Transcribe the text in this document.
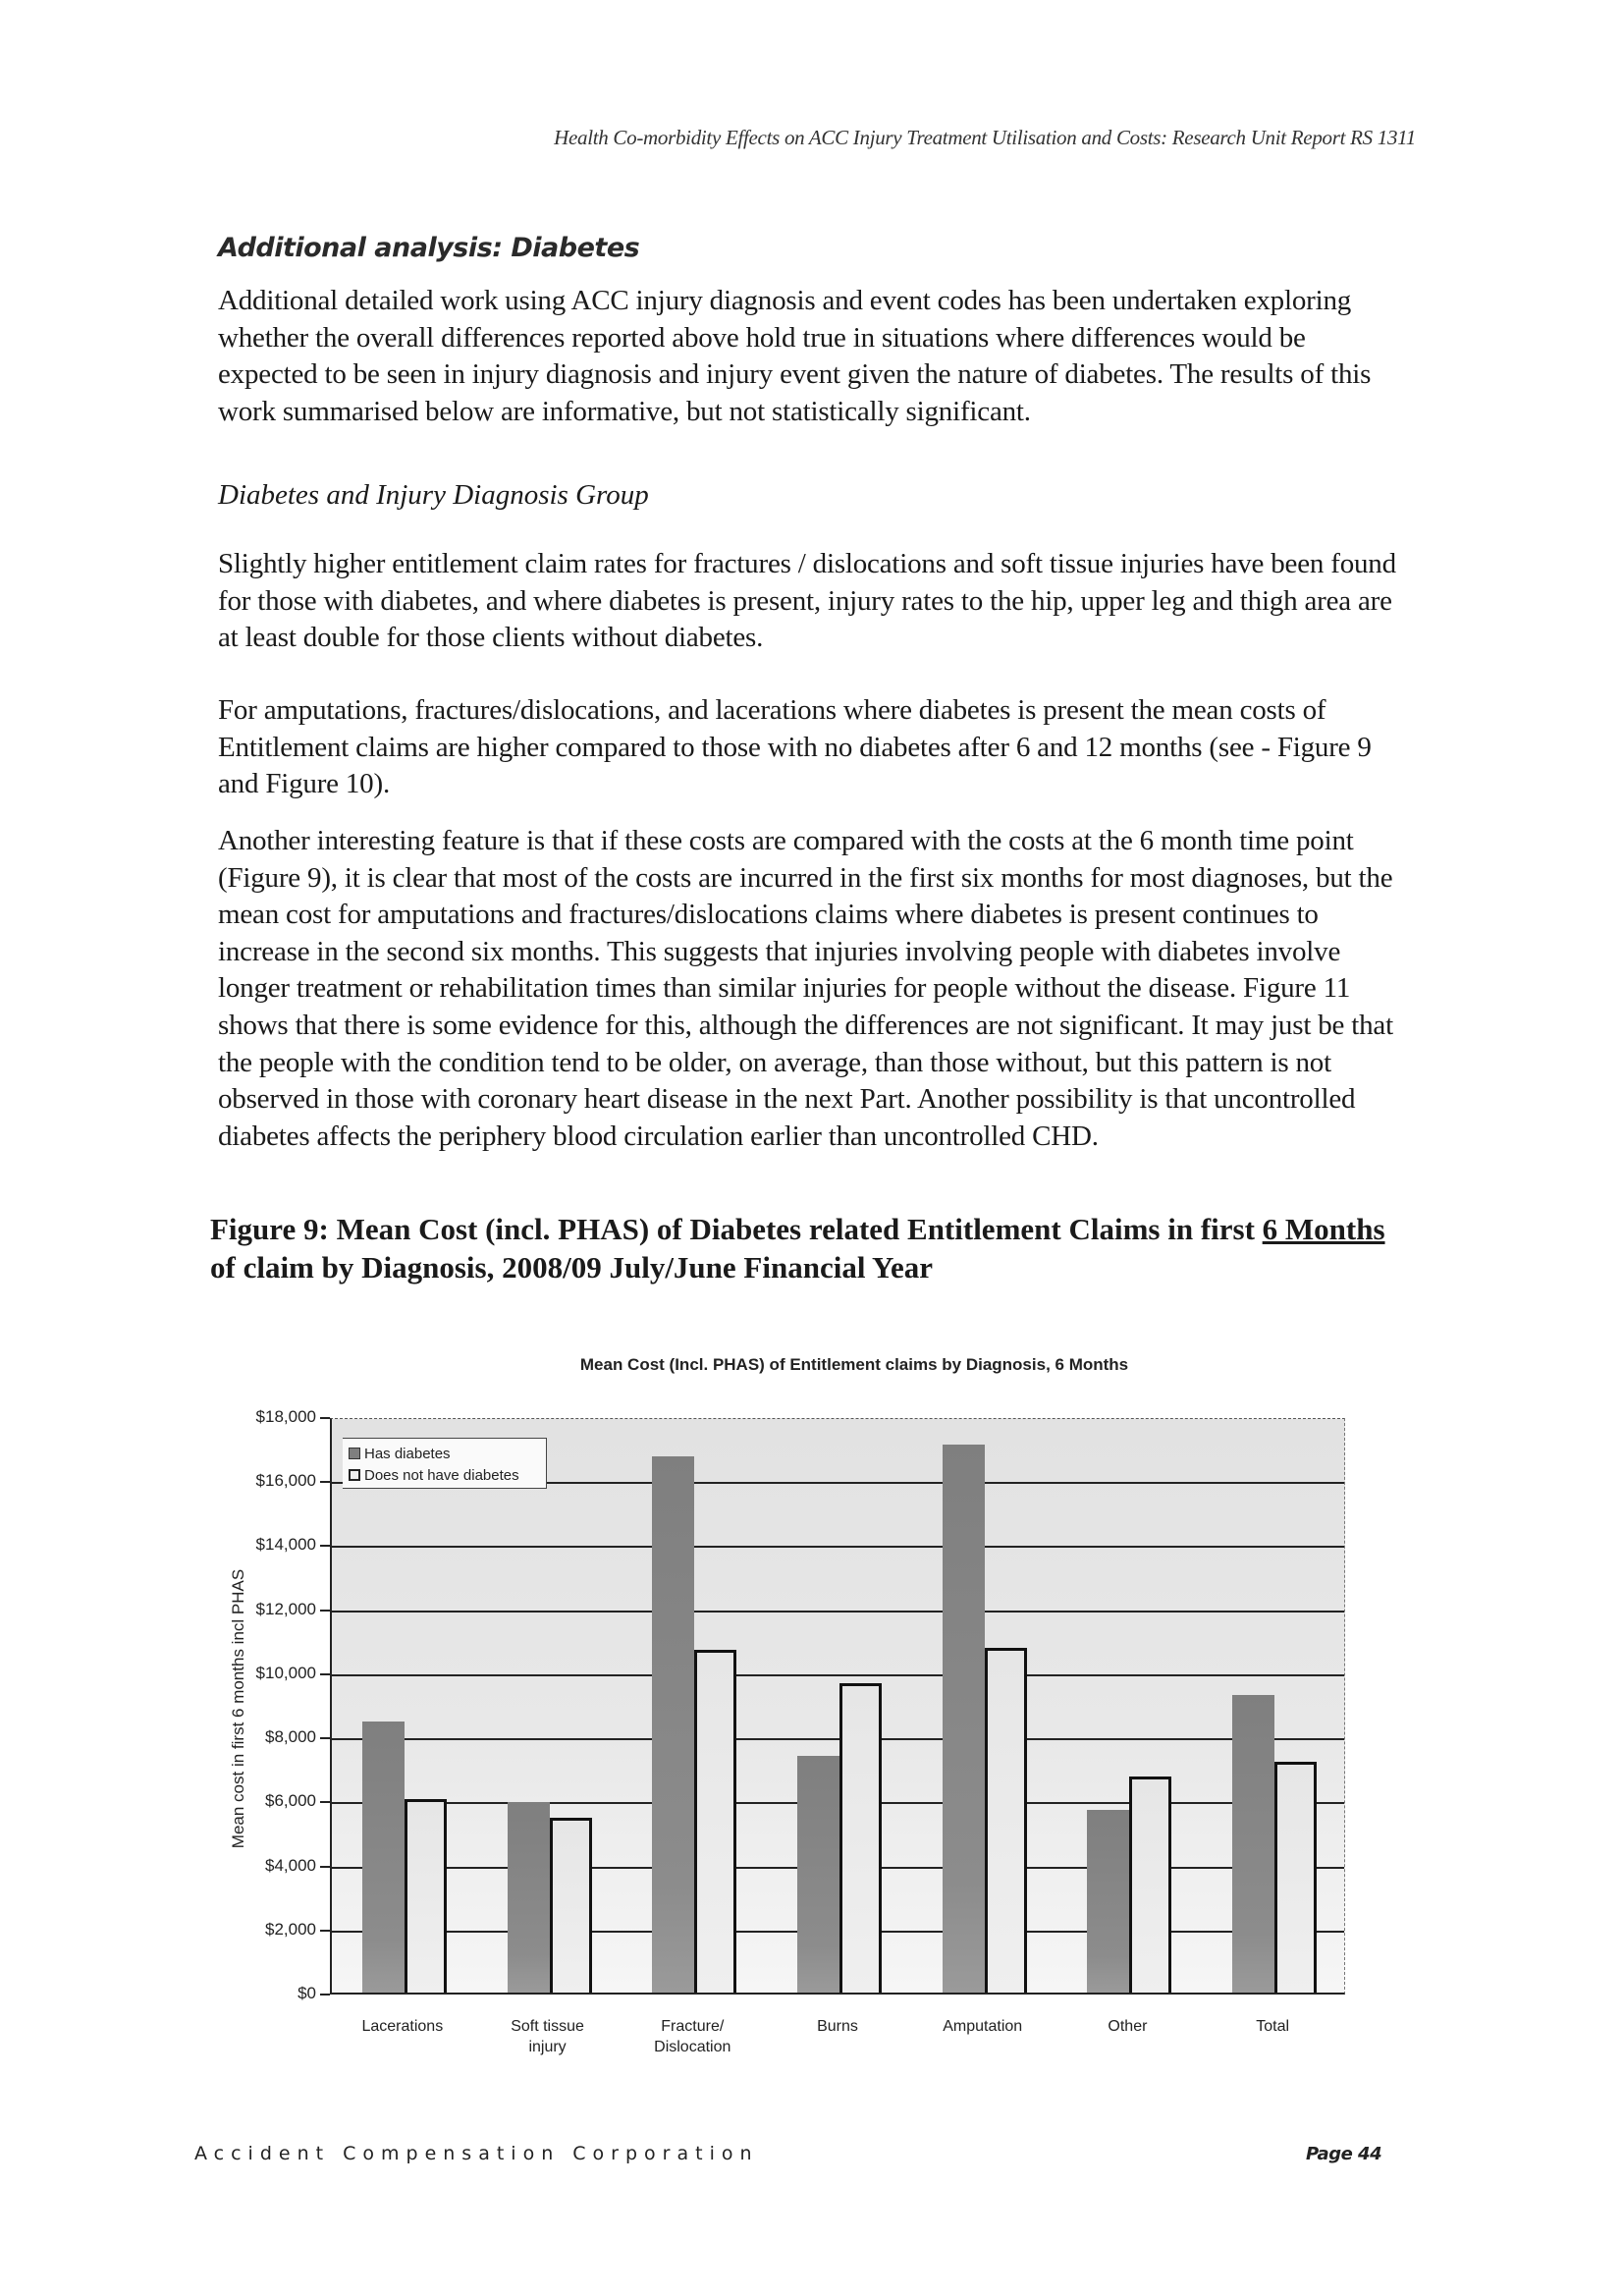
Health Co-morbidity Effects on ACC Injury Treatment Utilisation and Costs: Research Unit Report RS 1311
Additional analysis: Diabetes
Additional detailed work using ACC injury diagnosis and event codes has been undertaken exploring whether the overall differences reported above hold true in situations where differences would be expected to be seen in injury diagnosis and injury event given the nature of diabetes. The results of this work summarised below are informative, but not statistically significant.
Diabetes and Injury Diagnosis Group
Slightly higher entitlement claim rates for fractures / dislocations and soft tissue injuries have been found for those with diabetes, and where diabetes is present, injury rates to the hip, upper leg and thigh area are at least double for those clients without diabetes.
For amputations, fractures/dislocations, and lacerations where diabetes is present the mean costs of Entitlement claims are higher compared to those with no diabetes after 6 and 12 months (see - Figure 9 and Figure 10).
Another interesting feature is that if these costs are compared with the costs at the 6 month time point (Figure 9), it is clear that most of the costs are incurred in the first six months for most diagnoses, but the mean cost for amputations and fractures/dislocations claims where diabetes is present continues to increase in the second six months. This suggests that injuries involving people with diabetes involve longer treatment or rehabilitation times than similar injuries for people without the disease. Figure 11 shows that there is some evidence for this, although the differences are not significant. It may just be that the people with the condition tend to be older, on average, than those without, but this pattern is not observed in those with coronary heart disease in the next Part. Another possibility is that uncontrolled diabetes affects the periphery blood circulation earlier than uncontrolled CHD.
Figure 9: Mean Cost (incl. PHAS) of Diabetes related Entitlement Claims in first 6 Months of claim by Diagnosis, 2008/09 July/June Financial Year
Mean Cost (Incl. PHAS) of Entitlement claims by Diagnosis, 6 Months
Mean cost in first 6 months incl PHAS
$0
$2,000
$4,000
$6,000
$8,000
$10,000
$12,000
$14,000
$16,000
$18,000
Has diabetes
Does not have diabetes
Lacerations	Soft tissue
injury
Fracture/
Dislocation
Burns	Amputation	Other	Total
Accident Compensation Corporation	Page 44
